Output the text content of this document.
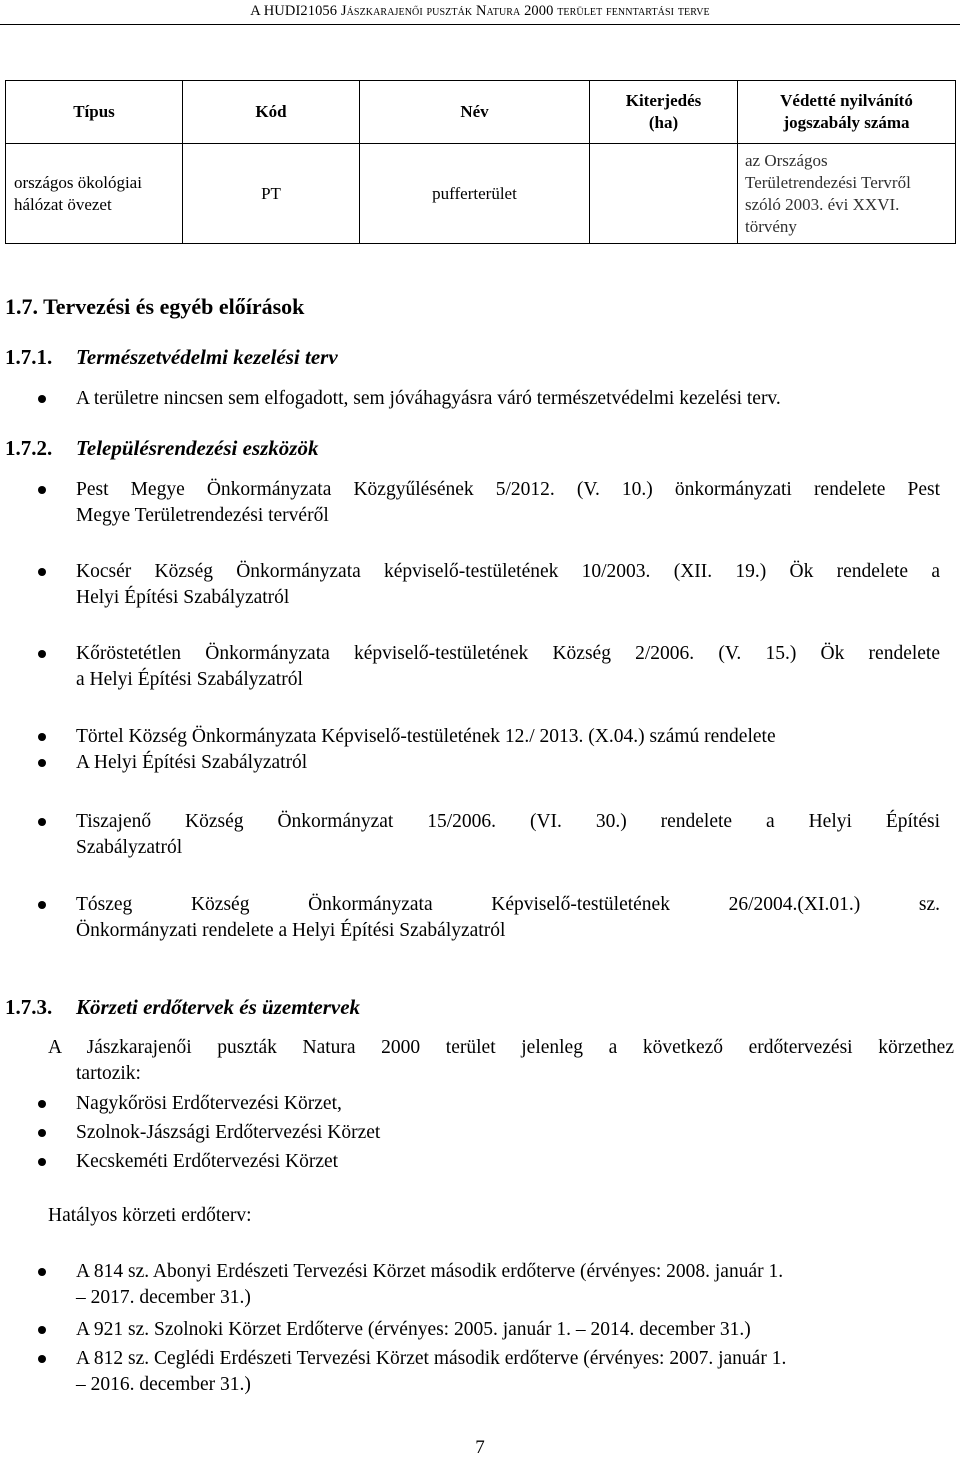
A HUDI21056 Jászkarajenői puszták Natura 2000 terület fenntartási terve
Típus	Kód	Név	Kiterjedés (ha)	Védetté nyilvánító jogszabály száma
országos ökológiai hálózat övezet	PT	pufferterület		az Országos Területrendezési Tervről szóló 2003. évi XXVI. törvény
1.7. Tervezési és egyéb előírások
1.7.1. Természetvédelmi kezelési terv
A területre nincsen sem elfogadott, sem jóváhagyásra váró természetvédelmi kezelési terv.
1.7.2. Településrendezési eszközök
Pest Megye Önkormányzata Közgyűlésének 5/2012. (V. 10.) önkormányzati rendelete Pest
Megye Területrendezési tervéről
Kocsér Község Önkormányzata képviselő-testületének 10/2003. (XII. 19.) Ök rendelete a
Helyi Építési Szabályzatról
Kőröstetétlen Önkormányzata képviselő-testületének Község 2/2006. (V. 15.) Ök rendelete
a Helyi Építési Szabályzatról
Törtel Község Önkormányzata Képviselő-testületének 12./ 2013. (X.04.) számú rendelete
A Helyi Építési Szabályzatról
Tiszajenő Község Önkormányzat 15/2006. (VI. 30.) rendelete a Helyi Építési
Szabályzatról
Tószeg Község Önkormányzata Képviselő-testületének 26/2004.(XI.01.) sz.
Önkormányzati rendelete a Helyi Építési Szabályzatról
1.7.3. Körzeti erdőtervek és üzemtervek
A Jászkarajenői puszták Natura 2000 terület jelenleg a következő erdőtervezési körzethez
tartozik:
Nagykőrösi Erdőtervezési Körzet,
Szolnok-Jászsági Erdőtervezési Körzet
Kecskeméti Erdőtervezési Körzet
Hatályos körzeti erdőterv:
A 814 sz. Abonyi Erdészeti Tervezési Körzet második erdőterve (érvényes: 2008. január 1.
– 2017. december 31.)
A 921 sz. Szolnoki Körzet Erdőterve (érvényes: 2005. január 1. – 2014. december 31.)
A 812 sz. Ceglédi Erdészeti Tervezési Körzet második erdőterve (érvényes: 2007. január 1.
– 2016. december 31.)
7
